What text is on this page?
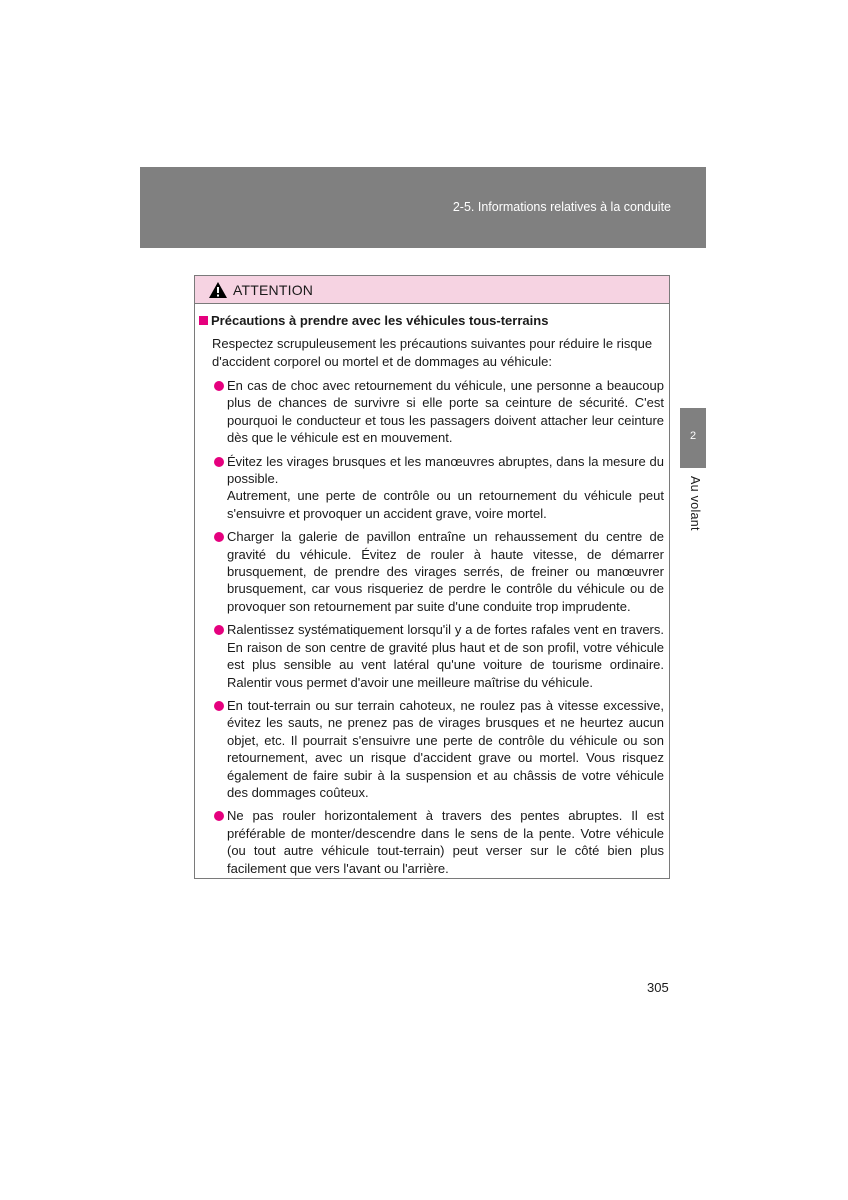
2-5. Informations relatives à la conduite
2
Au volant
ATTENTION
Précautions à prendre avec les véhicules tous-terrains
Respectez scrupuleusement les précautions suivantes pour réduire le risque d'accident corporel ou mortel et de dommages au véhicule:
En cas de choc avec retournement du véhicule, une personne a beaucoup plus de chances de survivre si elle porte sa ceinture de sécurité. C'est pourquoi le conducteur et tous les passagers doivent attacher leur ceinture dès que le véhicule est en mouvement.
Évitez les virages brusques et les manœuvres abruptes, dans la mesure du possible.
Autrement, une perte de contrôle ou un retournement du véhicule peut s'ensuivre et provoquer un accident grave, voire mortel.
Charger la galerie de pavillon entraîne un rehaussement du centre de gravité du véhicule. Évitez de rouler à haute vitesse, de démarrer brusquement, de prendre des virages serrés, de freiner ou manœuvrer brusquement, car vous risqueriez de perdre le contrôle du véhicule ou de provoquer son retournement par suite d'une conduite trop imprudente.
Ralentissez systématiquement lorsqu'il y a de fortes rafales vent en travers. En raison de son centre de gravité plus haut et de son profil, votre véhicule est plus sensible au vent latéral qu'une voiture de tourisme ordinaire. Ralentir vous permet d'avoir une meilleure maîtrise du véhicule.
En tout-terrain ou sur terrain cahoteux, ne roulez pas à vitesse excessive, évitez les sauts, ne prenez pas de virages brusques et ne heurtez aucun objet, etc. Il pourrait s'ensuivre une perte de contrôle du véhicule ou son retournement, avec un risque d'accident grave ou mortel. Vous risquez également de faire subir à la suspension et au châssis de votre véhicule des dommages coûteux.
Ne pas rouler horizontalement à travers des pentes abruptes. Il est préférable de monter/descendre dans le sens de la pente. Votre véhicule (ou tout autre véhicule tout-terrain) peut verser sur le côté bien plus facilement que vers l'avant ou l'arrière.
305
